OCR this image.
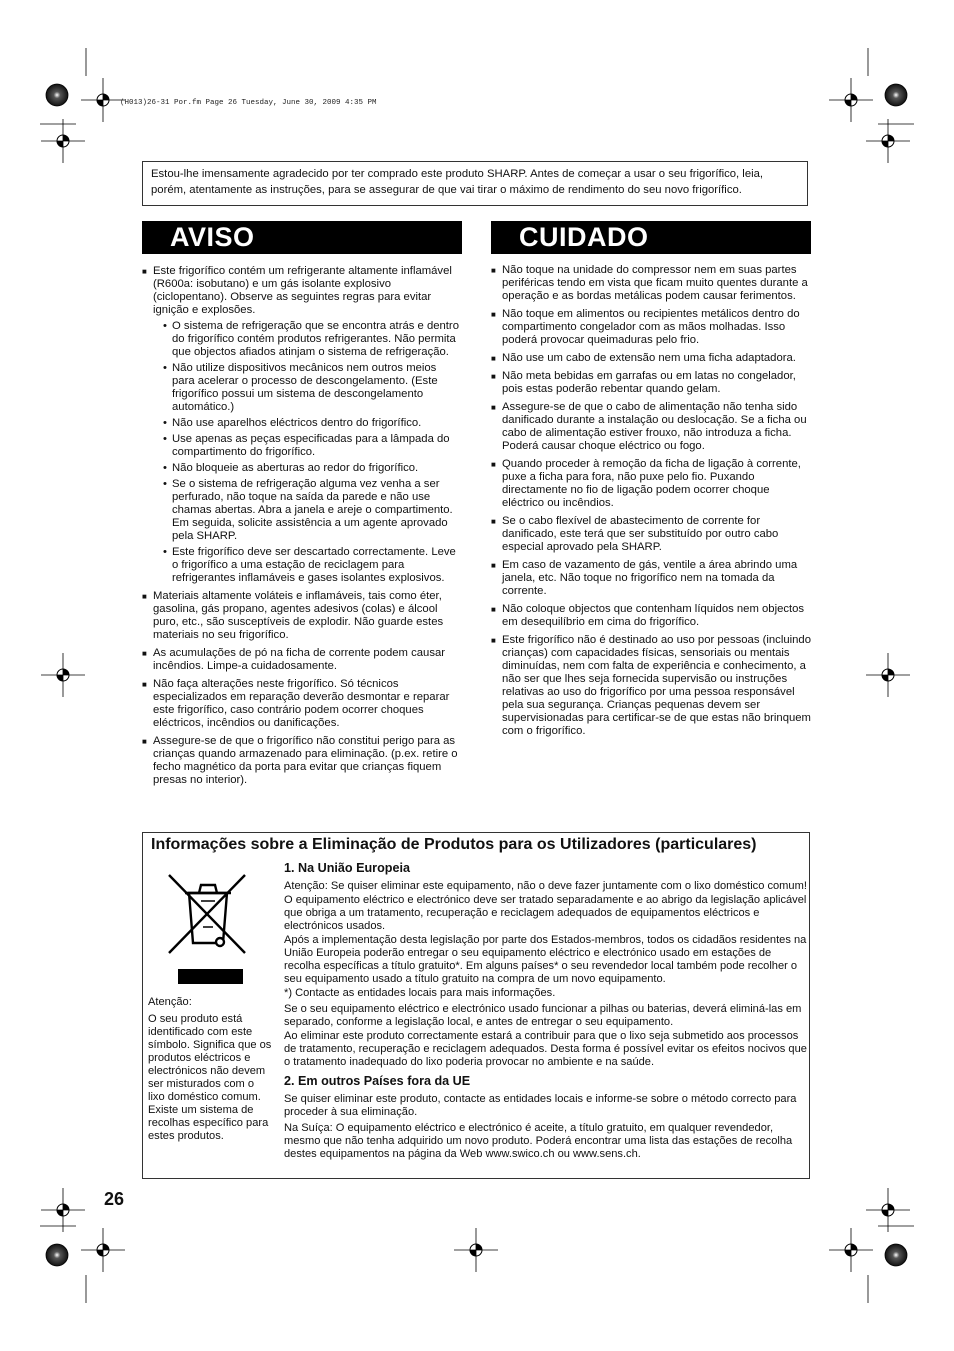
(H013)26-31 Por.fm Page 26 Tuesday, June 30, 2009 4:35 PM
Estou-lhe imensamente agradecido por ter comprado este produto SHARP. Antes de começar a usar o seu frigorífico, leia, porém, atentamente as instruções, para se assegurar de que vai tirar o máximo de rendimento do seu novo frigorífico.
AVISO	CUIDADO
■ Este frigorífico contém um refrigerante altamente inflamável (R600a: isobutano) e um gás isolante explosivo (ciclopentano). Observe as seguintes regras para evitar ignição e explosões.
• O sistema de refrigeração que se encontra atrás e dentro do frigorífico contém produtos refrigerantes. Não permita que objectos afiados atinjam o sistema de refrigeração.
• Não utilize dispositivos mecânicos nem outros meios para acelerar o processo de descongelamento. (Este frigorífico possui um sistema de descongelamento automático.)
• Não use aparelhos eléctricos dentro do frigorífico.
• Use apenas as peças especificadas para a lâmpada do compartimento do frigorífico.
• Não bloqueie as aberturas ao redor do frigorífico.
• Se o sistema de refrigeração alguma vez venha a ser perfurado, não toque na saída da parede e não use chamas abertas. Abra a janela e areje o compartimento. Em seguida, solicite assistência a um agente aprovado pela SHARP.
• Este frigorífico deve ser descartado correctamente. Leve o frigorífico a uma estação de reciclagem para refrigerantes inflamáveis e gases isolantes explosivos.
■ Materiais altamente voláteis e inflamáveis, tais como éter, gasolina, gás propano, agentes adesivos (colas) e álcool puro, etc., são susceptíveis de explodir. Não guarde estes materiais no seu frigorífico.
■ As acumulações de pó na ficha de corrente podem causar incêndios. Limpe-a cuidadosamente.
■ Não faça alterações neste frigorífico. Só técnicos especializados em reparação deverão desmontar e reparar este frigorífico, caso contrário podem ocorrer choques eléctricos, incêndios ou danificações.
■ Assegure-se de que o frigorífico não constitui perigo para as crianças quando armazenado para eliminação. (p.ex. retire o fecho magnético da porta para evitar que crianças fiquem presas no interior).
■ Não toque na unidade do compressor nem em suas partes periféricas tendo em vista que ficam muito quentes durante a operação e as bordas metálicas podem causar ferimentos.
■ Não toque em alimentos ou recipientes metálicos dentro do compartimento congelador com as mãos molhadas. Isso poderá provocar queimaduras pelo frio.
■ Não use um cabo de extensão nem uma ficha adaptadora.
■ Não meta bebidas em garrafas ou em latas no congelador, pois estas poderão rebentar quando gelam.
■ Assegure-se de que o cabo de alimentação não tenha sido danificado durante a instalação ou deslocação. Se a ficha ou cabo de alimentação estiver frouxo, não introduza a ficha. Poderá causar choque eléctrico ou fogo.
■ Quando proceder à remoção da ficha de ligação à corrente, puxe a ficha para fora, não puxe pelo fio. Puxando directamente no fio de ligação podem ocorrer choque eléctrico ou incêndios.
■ Se o cabo flexível de abastecimento de corrente for danificado, este terá que ser substituído por outro cabo especial aprovado pela SHARP.
■ Em caso de vazamento de gás, ventile a área abrindo uma janela, etc. Não toque no frigorífico nem na tomada da corrente.
■ Não coloque objectos que contenham líquidos nem objectos em desequilíbrio em cima do frigorífico.
■ Este frigorífico não é destinado ao uso por pessoas (incluindo crianças) com capacidades físicas, sensoriais ou mentais diminuídas, nem com falta de experiência e conhecimento, a não ser que lhes seja fornecida supervisão ou instruções relativas ao uso do frigorífico por uma pessoa responsável pela sua segurança. Crianças pequenas devem ser supervisionadas para certificar-se de que estas não brinquem com o frigorífico.
Informações sobre a Eliminação de Produtos para os Utilizadores (particulares)
Atenção:
O seu produto está identificado com este símbolo. Significa que os produtos eléctricos e electrónicos não devem ser misturados com o lixo doméstico comum. Existe um sistema de recolhas específico para estes produtos.
1. Na União Europeia

Atenção: Se quiser eliminar este equipamento, não o deve fazer juntamente com o lixo doméstico comum!

O equipamento eléctrico e electrónico deve ser tratado separadamente e ao abrigo da legislação aplicável que obriga a um tratamento, recuperação e reciclagem adequados de equipamentos eléctricos e electrónicos usados.

Após a implementação desta legislação por parte dos Estados-membros, todos os cidadãos residentes na União Europeia poderão entregar o seu equipamento eléctrico e electrónico usado em estações de recolha específicas a título gratuito*. Em alguns países* o seu revendedor local também pode recolher o seu equipamento usado a título gratuito na compra de um novo equipamento.

*) Contacte as entidades locais para mais informações.

Se o seu equipamento eléctrico e electrónico usado funcionar a pilhas ou baterias, deverá eliminá-las em separado, conforme a legislação local, e antes de entregar o seu equipamento.

Ao eliminar este produto correctamente estará a contribuir para que o lixo seja submetido aos processos de tratamento, recuperação e reciclagem adequados. Desta forma é possível evitar os efeitos nocivos que o tratamento inadequado do lixo poderia provocar no ambiente e na saúde.

2. Em outros Países fora da UE

Se quiser eliminar este produto, contacte as entidades locais e informe-se sobre o método correcto para proceder à sua eliminação.

Na Suíça: O equipamento eléctrico e electrónico é aceite, a título gratuito, em qualquer revendedor, mesmo que não tenha adquirido um novo produto. Poderá encontrar uma lista das estações de recolha destes equipamentos na página da Web www.swico.ch ou www.sens.ch.

26
